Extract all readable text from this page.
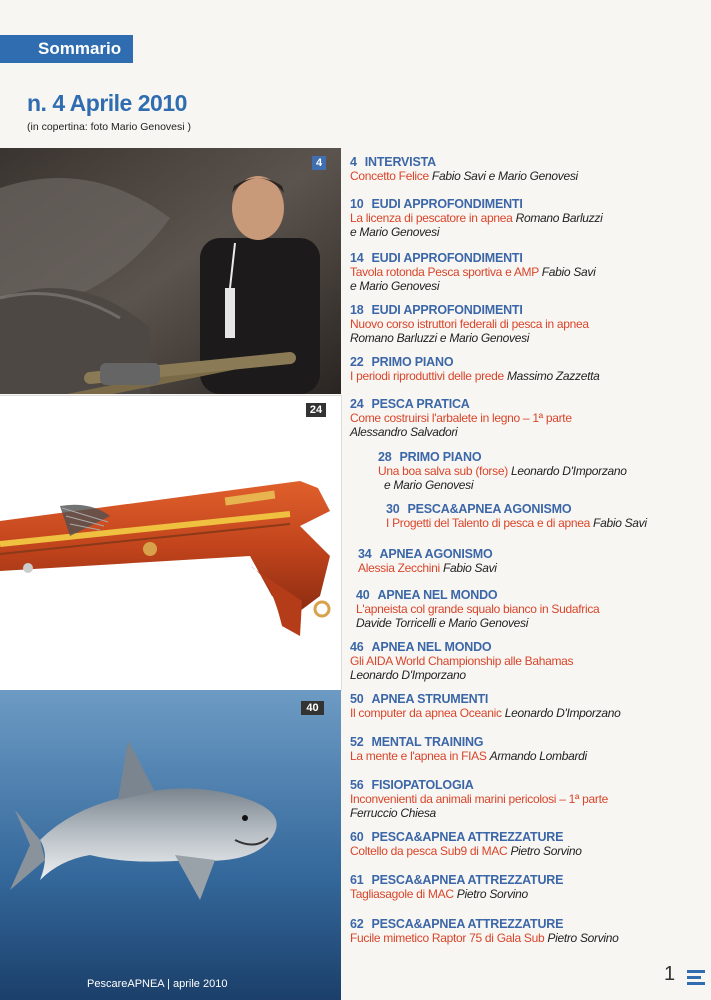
Sommario
n. 4 Aprile 2010
(in copertina: foto Mario Genovesi )
4
24
40
PescareAPNEA | aprile 2010
4 INTERVISTA
Concetto Felice Fabio Savi e Mario Genovesi
10 EUDI APPROFONDIMENTI
La licenza di pescatore in apnea Romano Barluzzi
e Mario Genovesi
14 EUDI APPROFONDIMENTI
Tavola rotonda Pesca sportiva e AMP Fabio Savi
e Mario Genovesi
18 EUDI APPROFONDIMENTI
Nuovo corso istruttori federali di pesca in apnea
Romano Barluzzi e Mario Genovesi
22 PRIMO PIANO
I periodi riproduttivi delle prede Massimo Zazzetta
24 PESCA PRATICA
Come costruirsi l'arbalete in legno – 1ª parte
Alessandro Salvadori
28 PRIMO PIANO
Una boa salva sub (forse) Leonardo D'Imporzano
e Mario Genovesi
30 PESCA&APNEA AGONISMO
I Progetti del Talento di pesca e di apnea Fabio Savi
34 APNEA AGONISMO
Alessia Zecchini Fabio Savi
40 APNEA NEL MONDO
L'apneista col grande squalo bianco in Sudafrica
Davide Torricelli e Mario Genovesi
46 APNEA NEL MONDO
Gli AIDA World Championship alle Bahamas
Leonardo D'Imporzano
50 APNEA STRUMENTI
Il computer da apnea Oceanic Leonardo D'Imporzano
52 MENTAL TRAINING
La mente e l'apnea in FIAS Armando Lombardi
56 FISIOPATOLOGIA
Inconvenienti da animali marini pericolosi – 1ª parte
Ferruccio Chiesa
60 PESCA&APNEA ATTREZZATURE
Coltello da pesca Sub9 di MAC Pietro Sorvino
61 PESCA&APNEA ATTREZZATURE
Tagliasagole di MAC Pietro Sorvino
62 PESCA&APNEA ATTREZZATURE
Fucile mimetico Raptor 75 di Gala Sub Pietro Sorvino
1
